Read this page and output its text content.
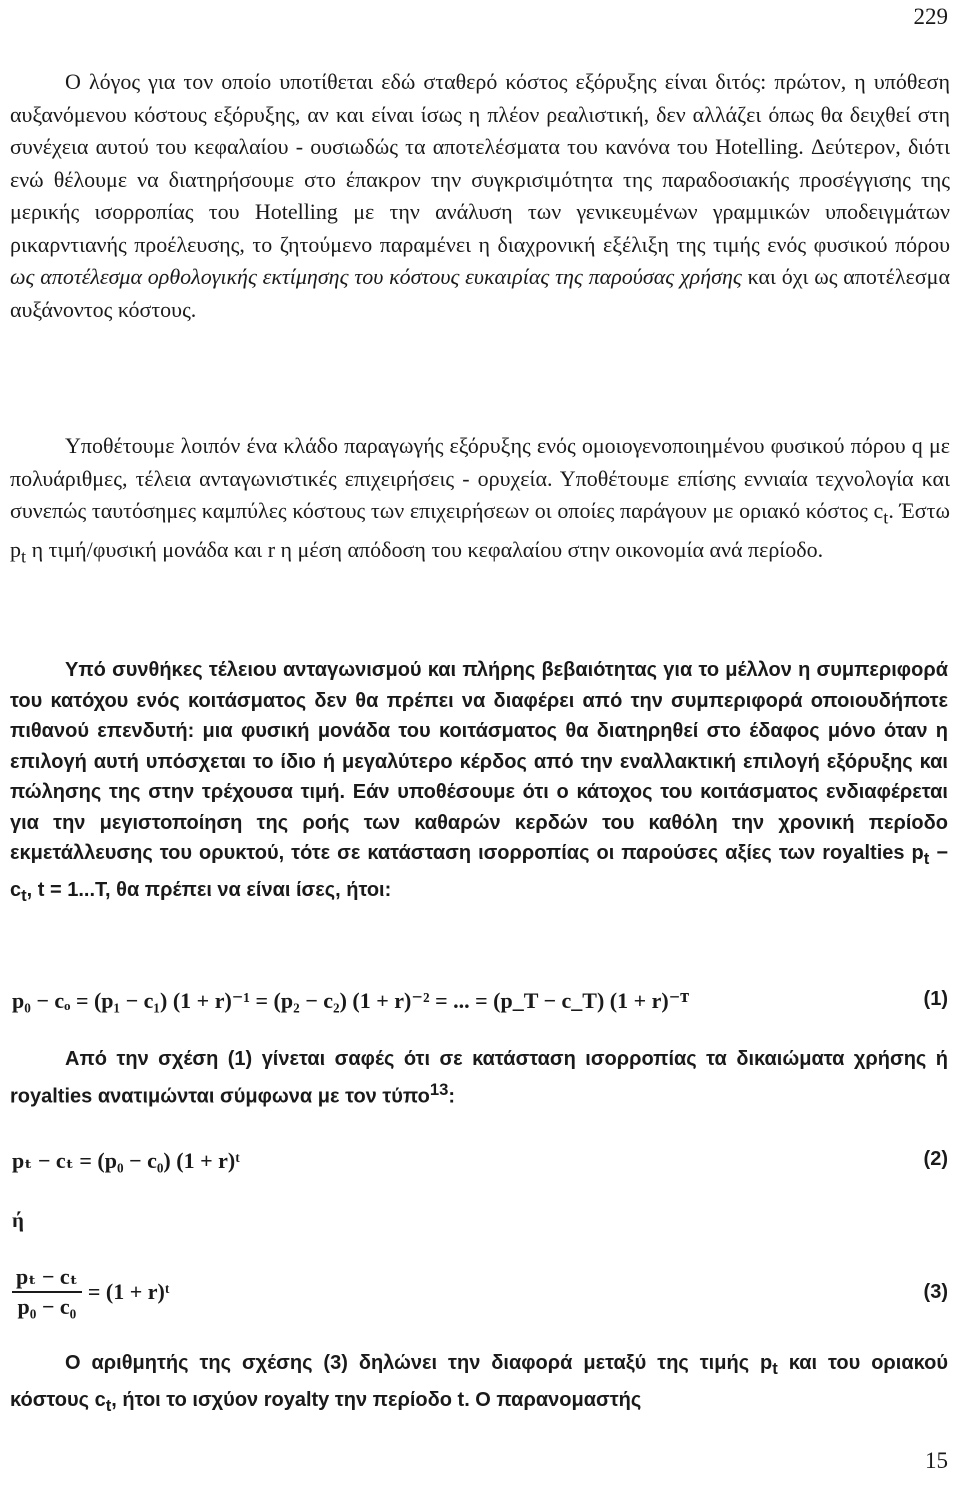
229

Ο λόγος για τον οποίο υποτίθεται εδώ σταθερό κόστος εξόρυξης είναι διτός: πρώτον, η υπόθεση αυξανόμενου κόστους εξόρυξης, αν και είναι ίσως η πλέον ρεαλιστική, δεν αλλάζει όπως θα δειχθεί στη συνέχεια αυτού του κεφαλαίου - ουσιωδώς τα αποτελέσματα του κανόνα του Hotelling. Δεύτερον, διότι ενώ θέλουμε να διατηρήσουμε στο έπακρον την συγκρισιμότητα της παραδοσιακής προσέγγισης της μερικής ισορροπίας του Hotelling με την ανάλυση των γενικευμένων γραμμικών υποδειγμάτων ρικαρντιανής προέλευσης, το ζητούμενο παραμένει η διαχρονική εξέλιξη της τιμής ενός φυσικού πόρου ως αποτέλεσμα ορθολογικής εκτίμησης του κόστους ευκαιρίας της παρούσας χρήσης και όχι ως αποτέλεσμα αυξάνοντος κόστους.

Υποθέτουμε λοιπόν ένα κλάδο παραγωγής εξόρυξης ενός ομοιογενοποιημένου φυσικού πόρου q με πολυάριθμες, τέλεια ανταγωνιστικές επιχειρήσεις - ορυχεία. Υποθέτουμε επίσης εννιαία τεχνολογία και συνεπώς ταυτόσημες καμπύλες κόστους των επιχειρήσεων οι οποίες παράγουν με οριακό κόστος $c_t$. Έστω $p_t$ η τιμή/φυσική μονάδα και r η μέση απόδοση του κεφαλαίου στην οικονομία ανά περίοδο.

Υπό συνθήκες τέλειου ανταγωνισμού και πλήρης βεβαιότητας για το μέλλον η συμπεριφορά του κατόχου ενός κοιτάσματος δεν θα πρέπει να διαφέρει από την συμπεριφορά οποιουδήποτε πιθανού επενδυτή: μια φυσική μονάδα του κοιτάσματος θα διατηρηθεί στο έδαφος μόνο όταν η επιλογή αυτή υπόσχεται το ίδιο ή μεγαλύτερο κέρδος από την εναλλακτική επιλογή εξόρυξης και πώλησης της στην τρέχουσα τιμή. Εάν υποθέσουμε ότι ο κάτοχος του κοιτάσματος ενδιαφέρεται για την μεγιστοποίηση της ροής των καθαρών κερδών του καθόλη την χρονική περίοδο εκμετάλλευσης του ορυκτού, τότε σε κατάσταση ισορροπίας οι παρούσες αξίες των royalties $p_t - c_t$, t = 1...T, θα πρέπει να είναι ίσες, ήτοι:

p₀ − cₒ = (p₁ − c₁) (1 + r)⁻¹ = (p₂ − c₂) (1 + r)⁻² = ... = (p_T − c_T) (1 + r)⁻ᵀ	(1)

Από την σχέση (1) γίνεται σαφές ότι σε κατάσταση ισορροπίας τα δικαιώματα χρήσης ή royalties ανατιμώνται σύμφωνα με τον τύπο$^{13}$:

pₜ − cₜ = (p₀ − c₀) (1 + r)ᵗ	(2)
ή
$\frac{\text{pₜ − cₜ}}{\text{p₀ − c₀}} = (1$ + r)ᵗ	(3)

Ο αριθμητής της σχέσης (3) δηλώνει την διαφορά μεταξύ της τιμής $p_t$ και του οριακού κόστους $c_t$, ήτοι το ισχύον royalty την περίοδο t. Ο παρανομαστής

15
